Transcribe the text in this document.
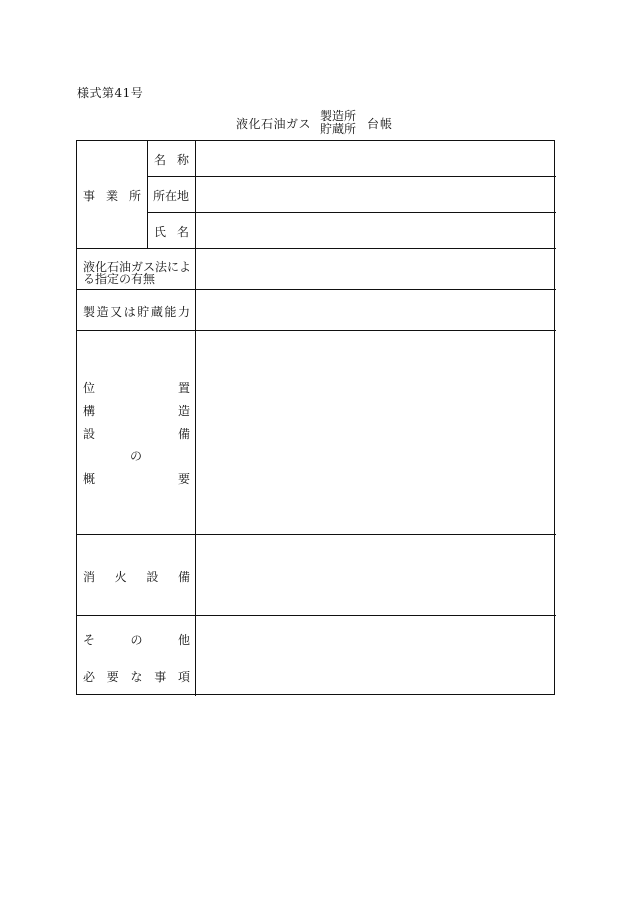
様式第41号
液化石油ガス
製造所
貯蔵所 台帳
事 業 所
名 称
所在地
氏 名
液化石油ガス法によ
る指定の有無
製 造 又 は 貯 蔵 能 力
位	置
構	造
設	備
の
概	要
消 火 設 備
そ	の	他
必 要 な 事 項
